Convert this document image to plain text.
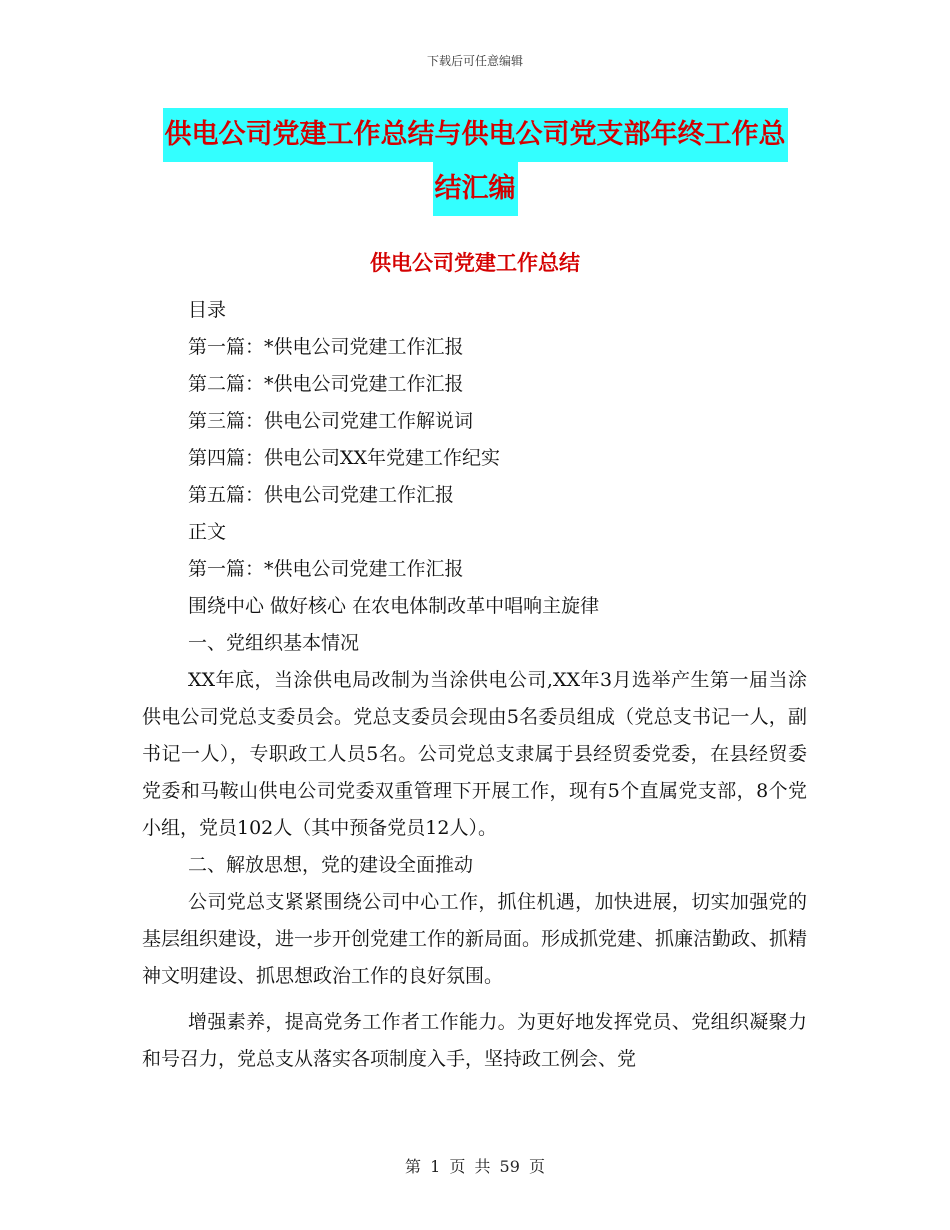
下载后可任意编辑
供电公司党建工作总结与供电公司党支部年终工作总
结汇编
供电公司党建工作总结
目录
第一篇：*供电公司党建工作汇报
第二篇：*供电公司党建工作汇报
第三篇：供电公司党建工作解说词
第四篇：供电公司XX年党建工作纪实
第五篇：供电公司党建工作汇报
正文
第一篇：*供电公司党建工作汇报
围绕中心 做好核心 在农电体制改革中唱响主旋律
一、党组织基本情况

XX年底，当涂供电局改制为当涂供电公司,XX年3月选举产生第一届当涂供电公司党总支委员会。党总支委员会现由5名委员组成（党总支书记一人，副书记一人），专职政工人员5名。公司党总支隶属于县经贸委党委，在县经贸委党委和马鞍山供电公司党委双重管理下开展工作，现有5个直属党支部，8个党小组，党员102人（其中预备党员12人）。

二、解放思想，党的建设全面推动

公司党总支紧紧围绕公司中心工作，抓住机遇，加快进展，切实加强党的基层组织建设，进一步开创党建工作的新局面。形成抓党建、抓廉洁勤政、抓精神文明建设、抓思想政治工作的良好氛围。

增强素养，提高党务工作者工作能力。为更好地发挥党员、党组织凝聚力和号召力，党总支从落实各项制度入手，坚持政工例会、党

第 1 页 共 59 页
